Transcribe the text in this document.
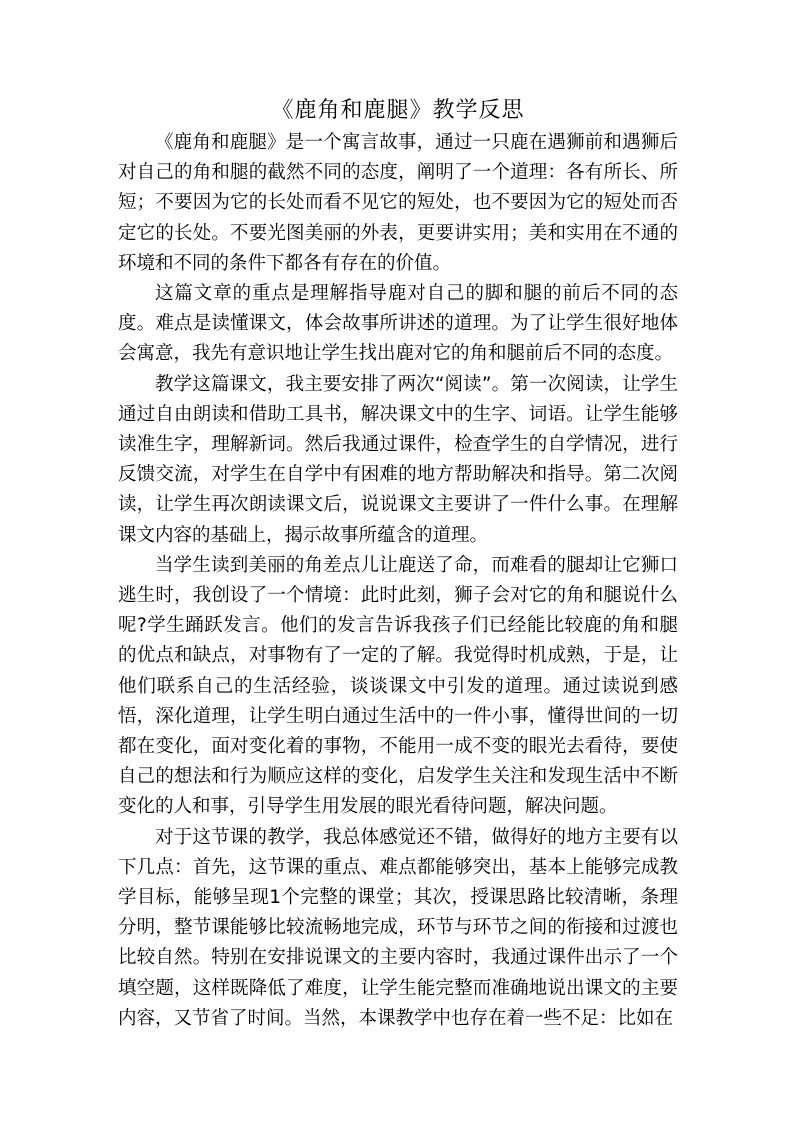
《鹿角和鹿腿》教学反思

《鹿角和鹿腿》是一个寓言故事，通过一只鹿在遇狮前和遇狮后对自己的角和腿的截然不同的态度，阐明了一个道理：各有所长、所短；不要因为它的长处而看不见它的短处，也不要因为它的短处而否定它的长处。不要光图美丽的外表，更要讲实用；美和实用在不通的环境和不同的条件下都各有存在的价值。

这篇文章的重点是理解指导鹿对自己的脚和腿的前后不同的态度。难点是读懂课文，体会故事所讲述的道理。为了让学生很好地体会寓意，我先有意识地让学生找出鹿对它的角和腿前后不同的态度。

教学这篇课文，我主要安排了两次“阅读”。第一次阅读，让学生通过自由朗读和借助工具书，解决课文中的生字、词语。让学生能够读准生字，理解新词。然后我通过课件，检查学生的自学情况，进行反馈交流，对学生在自学中有困难的地方帮助解决和指导。第二次阅读，让学生再次朗读课文后，说说课文主要讲了一件什么事。在理解课文内容的基础上，揭示故事所蕴含的道理。

当学生读到美丽的角差点儿让鹿送了命，而难看的腿却让它狮口逃生时，我创设了一个情境：此时此刻，狮子会对它的角和腿说什么呢?学生踊跃发言。他们的发言告诉我孩子们已经能比较鹿的角和腿的优点和缺点，对事物有了一定的了解。我觉得时机成熟，于是，让他们联系自己的生活经验，谈谈课文中引发的道理。通过读说到感悟，深化道理，让学生明白通过生活中的一件小事，懂得世间的一切都在变化，面对变化着的事物，不能用一成不变的眼光去看待，要使自己的想法和行为顺应这样的变化，启发学生关注和发现生活中不断变化的人和事，引导学生用发展的眼光看待问题，解决问题。

对于这节课的教学，我总体感觉还不错，做得好的地方主要有以下几点：首先，这节课的重点、难点都能够突出，基本上能够完成教学目标，能够呈现1个完整的课堂；其次，授课思路比较清晰，条理分明，整节课能够比较流畅地完成，环节与环节之间的衔接和过渡也比较自然。特别在安排说课文的主要内容时，我通过课件出示了一个填空题，这样既降低了难度，让学生能完整而准确地说出课文的主要内容，又节省了时间。当然，本课教学中也存在着一些不足：比如在
